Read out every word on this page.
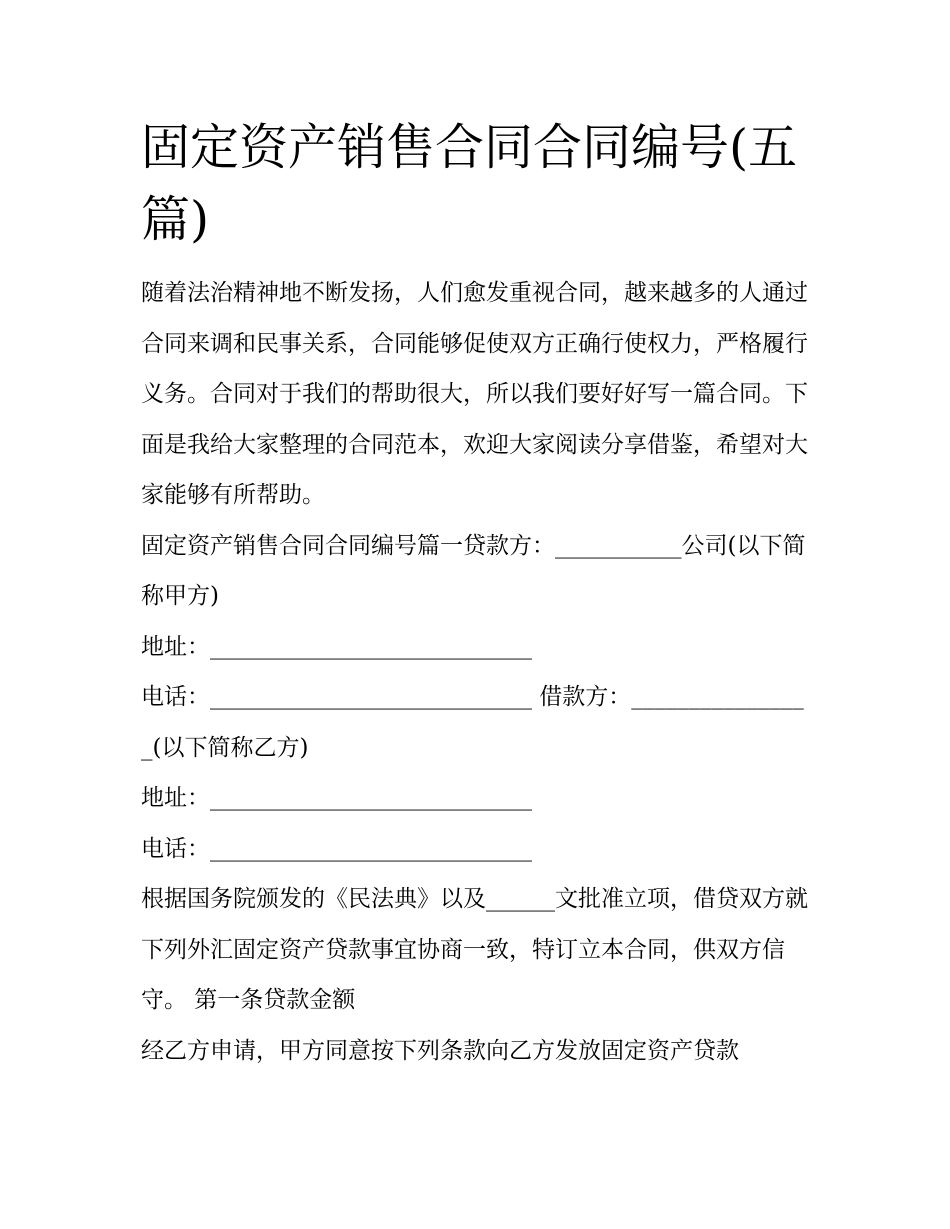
固定资产销售合同合同编号(五篇)

随着法治精神地不断发扬，人们愈发重视合同，越来越多的人通过合同来调和民事关系，合同能够促使双方正确行使权力，严格履行义务。合同对于我们的帮助很大，所以我们要好好写一篇合同。下面是我给大家整理的合同范本，欢迎大家阅读分享借鉴，希望对大家能够有所帮助。

固定资产销售合同合同编号篇一贷款方：___________公司(以下简称甲方)

地址：____________________________

电话：____________________________ 借款方：________________(以下简称乙方)

地址：____________________________

电话：____________________________

根据国务院颁发的《民法典》以及______文批准立项，借贷双方就下列外汇固定资产贷款事宜协商一致，特订立本合同，供双方信守。 第一条贷款金额

经乙方申请，甲方同意按下列条款向乙方发放固定资产贷款
